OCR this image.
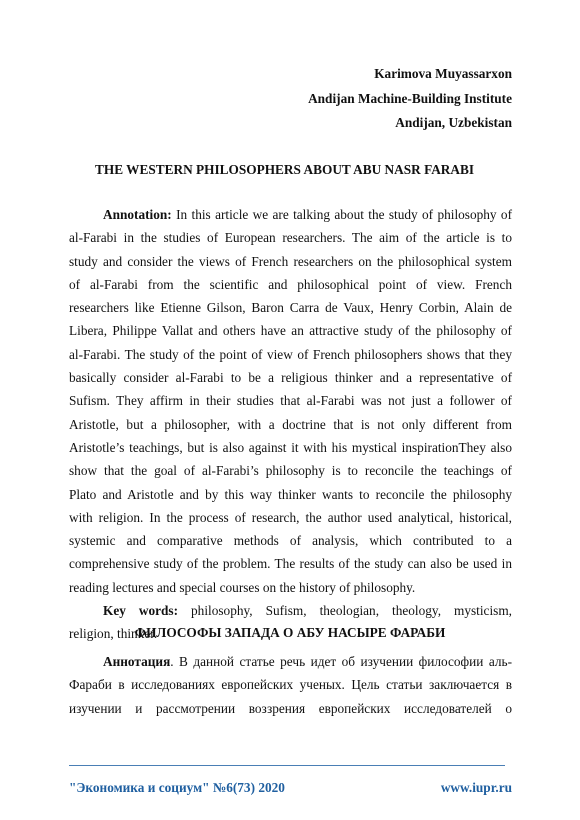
Karimova Muyassarxon
Andijan Machine-Building Institute
Andijan, Uzbekistan
THE WESTERN PHILOSOPHERS ABOUT ABU NASR FARABI
Annotation: In this article we are talking about the study of philosophy of
al-Farabi in the studies of European researchers. The aim of the article is to
study and consider the views of French researchers on the philosophical system
of al-Farabi from the scientific and philosophical point of view. French
researchers like Etienne Gilson, Baron Carra de Vaux, Henry Corbin, Alain de
Libera, Philippe Vallat and others have an attractive study of the philosophy of
al-Farabi. The study of the point of view of French philosophers shows that they
basically consider al-Farabi to be a religious thinker and a representative of
Sufism. They affirm in their studies that al-Farabi was not just a follower of
Aristotle, but a philosopher, with a doctrine that is not only different from
Aristotle’s teachings, but is also against it with his mystical inspirationThey also
show that the goal of al-Farabi’s philosophy is to reconcile the teachings of
Plato and Aristotle and by this way thinker wants to reconcile the philosophy
with religion. In the process of research, the author used analytical, historical,
systemic and comparative methods of analysis, which contributed to a
comprehensive study of the problem. The results of the study can also be used in
reading lectures and special courses on the history of philosophy.
Key words: philosophy, Sufism, theologian, theology, mysticism,
religion, thinker.
ФИЛОСОФЫ ЗАПАДА О АБУ НАСЫРЕ ФАРАБИ
Аннотация. В данной статье речь идет об изучении философии аль-
Фараби в исследованиях европейских ученых. Цель статьи заключается в
изучении и рассмотрении воззрения европейских исследователей о
"Экономика и социум" №6(73) 2020	www.iupr.ru
